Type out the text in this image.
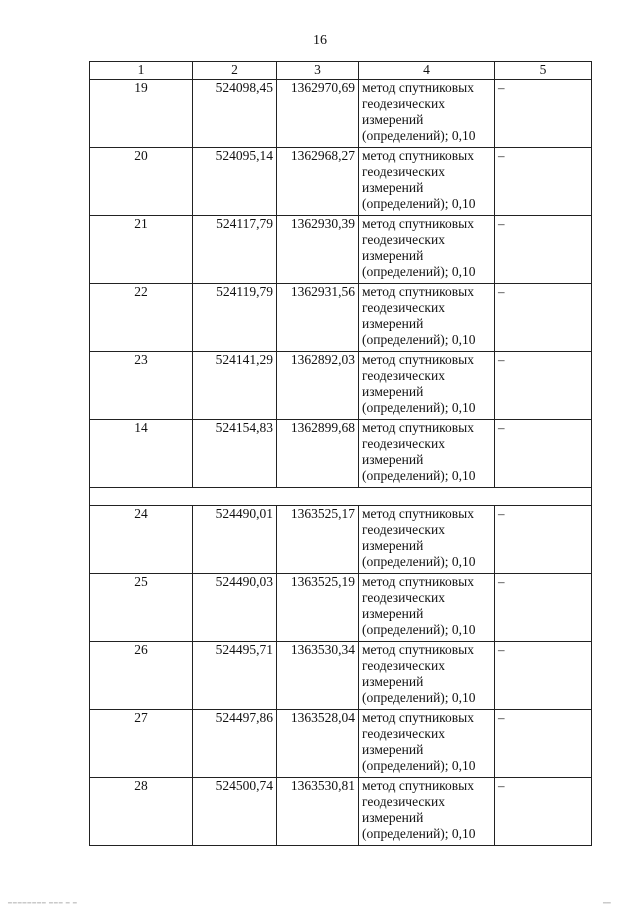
16
1	2	3	4	5
19	524098,45	1362970,69	метод спутниковых
геодезических
измерений
(определений); 0,10	–
20	524095,14	1362968,27	метод спутниковых
геодезических
измерений
(определений); 0,10	–
21	524117,79	1362930,39	метод спутниковых
геодезических
измерений
(определений); 0,10	–
22	524119,79	1362931,56	метод спутниковых
геодезических
измерений
(определений); 0,10	–
23	524141,29	1362892,03	метод спутниковых
геодезических
измерений
(определений); 0,10	–
14	524154,83	1362899,68	метод спутниковых
геодезических
измерений
(определений); 0,10	–

24	524490,01	1363525,17	метод спутниковых
геодезических
измерений
(определений); 0,10	–
25	524490,03	1363525,19	метод спутниковых
геодезических
измерений
(определений); 0,10	–
26	524495,71	1363530,34	метод спутниковых
геодезических
измерений
(определений); 0,10	–
27	524497,86	1363528,04	метод спутниковых
геодезических
измерений
(определений); 0,10	–
28	524500,74	1363530,81	метод спутниковых
геодезических
измерений
(определений); 0,10	–
▁▁▁▁▁▁▁▁ ▁▁▁ ▁ ▁	▁▁
